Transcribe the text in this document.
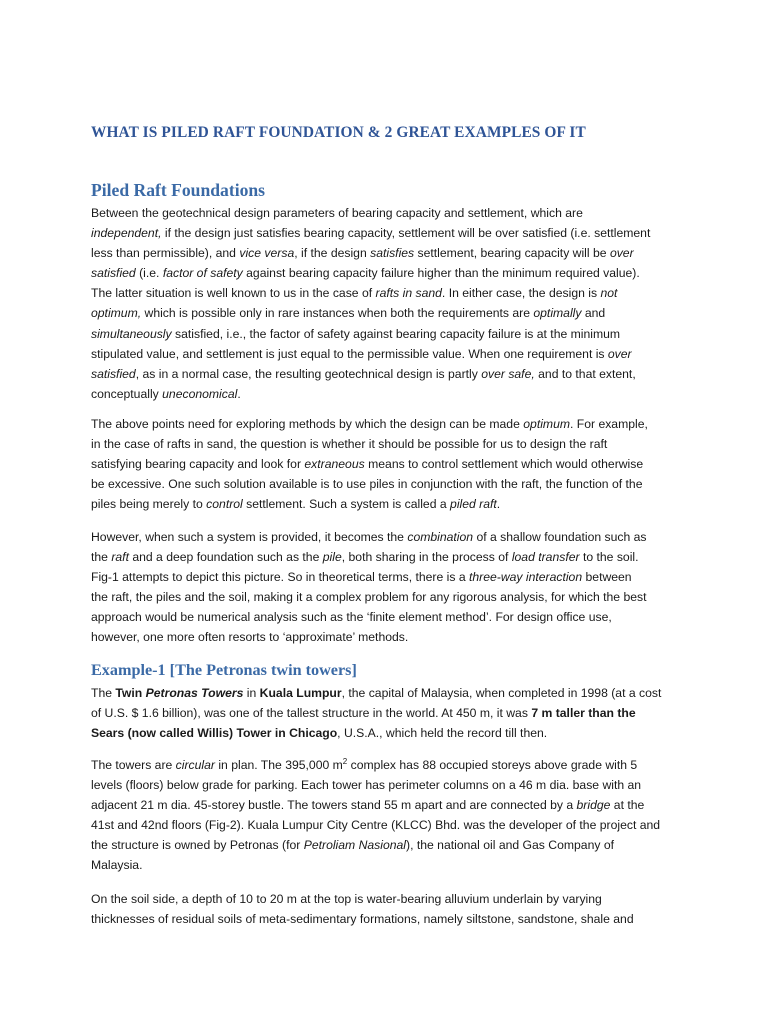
WHAT IS PILED RAFT FOUNDATION & 2 GREAT EXAMPLES OF IT
Piled Raft Foundations
Between the geotechnical design parameters of bearing capacity and settlement, which are
independent, if the design just satisfies bearing capacity, settlement will be over satisfied (i.e. settlement
less than permissible), and vice versa, if the design satisfies settlement, bearing capacity will be over
satisfied (i.e. factor of safety against bearing capacity failure higher than the minimum required value).
The latter situation is well known to us in the case of rafts in sand. In either case, the design is not
optimum, which is possible only in rare instances when both the requirements are optimally and
simultaneously satisfied, i.e., the factor of safety against bearing capacity failure is at the minimum
stipulated value, and settlement is just equal to the permissible value. When one requirement is over
satisfied, as in a normal case, the resulting geotechnical design is partly over safe, and to that extent,
conceptually uneconomical.
The above points need for exploring methods by which the design can be made optimum. For example,
in the case of rafts in sand, the question is whether it should be possible for us to design the raft
satisfying bearing capacity and look for extraneous means to control settlement which would otherwise
be excessive. One such solution available is to use piles in conjunction with the raft, the function of the
piles being merely to control settlement. Such a system is called a piled raft.
However, when such a system is provided, it becomes the combination of a shallow foundation such as
the raft and a deep foundation such as the pile, both sharing in the process of load transfer to the soil.
Fig-1 attempts to depict this picture. So in theoretical terms, there is a three-way interaction between
the raft, the piles and the soil, making it a complex problem for any rigorous analysis, for which the best
approach would be numerical analysis such as the ‘finite element method’. For design office use,
however, one more often resorts to ‘approximate’ methods.
Example-1 [The Petronas twin towers]
The Twin Petronas Towers in Kuala Lumpur, the capital of Malaysia, when completed in 1998 (at a cost
of U.S. $ 1.6 billion), was one of the tallest structure in the world. At 450 m, it was 7 m taller than the
Sears (now called Willis) Tower in Chicago, U.S.A., which held the record till then.
The towers are circular in plan. The 395,000 $m^2$ complex has 88 occupied storeys above grade with 5
levels (floors) below grade for parking. Each tower has perimeter columns on a 46 m dia. base with an
adjacent 21 m dia. 45-storey bustle. The towers stand 55 m apart and are connected by a bridge at the
41st and 42nd floors (Fig-2). Kuala Lumpur City Centre (KLCC) Bhd. was the developer of the project and
the structure is owned by Petronas (for Petroliam Nasional), the national oil and Gas Company of
Malaysia.
On the soil side, a depth of 10 to 20 m at the top is water-bearing alluvium underlain by varying
thicknesses of residual soils of meta-sedimentary formations, namely siltstone, sandstone, shale and
